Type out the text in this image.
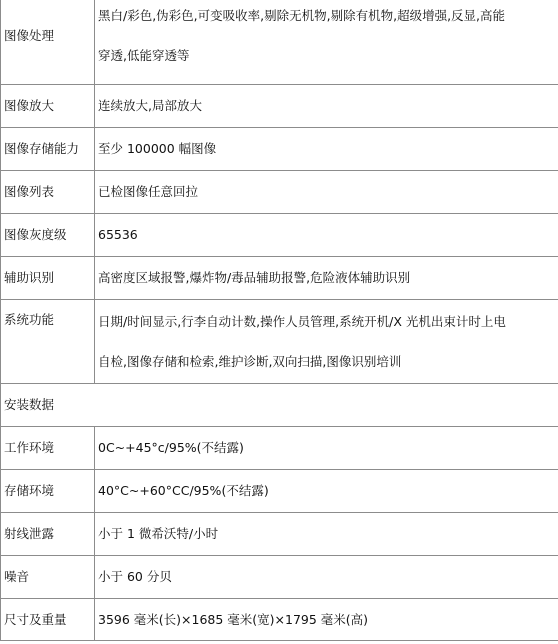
图像处理	黑白/彩色,伪彩色,可变吸收率,剔除无机物,剔除有机物,超级增强,反显,高能
穿透,低能穿透等

图像放大	连续放大,局部放大
图像存储能力	至少 100000 幅图像
图像列表	已检图像任意回拉
图像灰度级	65536
辅助识别	高密度区域报警,爆炸物/毒品辅助报警,危险液体辅助识别
系统功能	日期/时间显示,行李自动计数,操作人员管理,系统开机/X 光机出束计时上电
自检,图像存储和检索,维护诊断,双向扫描,图像识别培训

安装数据	
工作环境	0C~+45°c/95%(不结露)
存储环境	40°C~+60°CC/95%(不结露)
射线泄露	小于 1 微希沃特/小时
噪音	小于 60 分贝
尺寸及重量	3596 毫米(长)×1685 毫米(宽)×1795 毫米(高)
